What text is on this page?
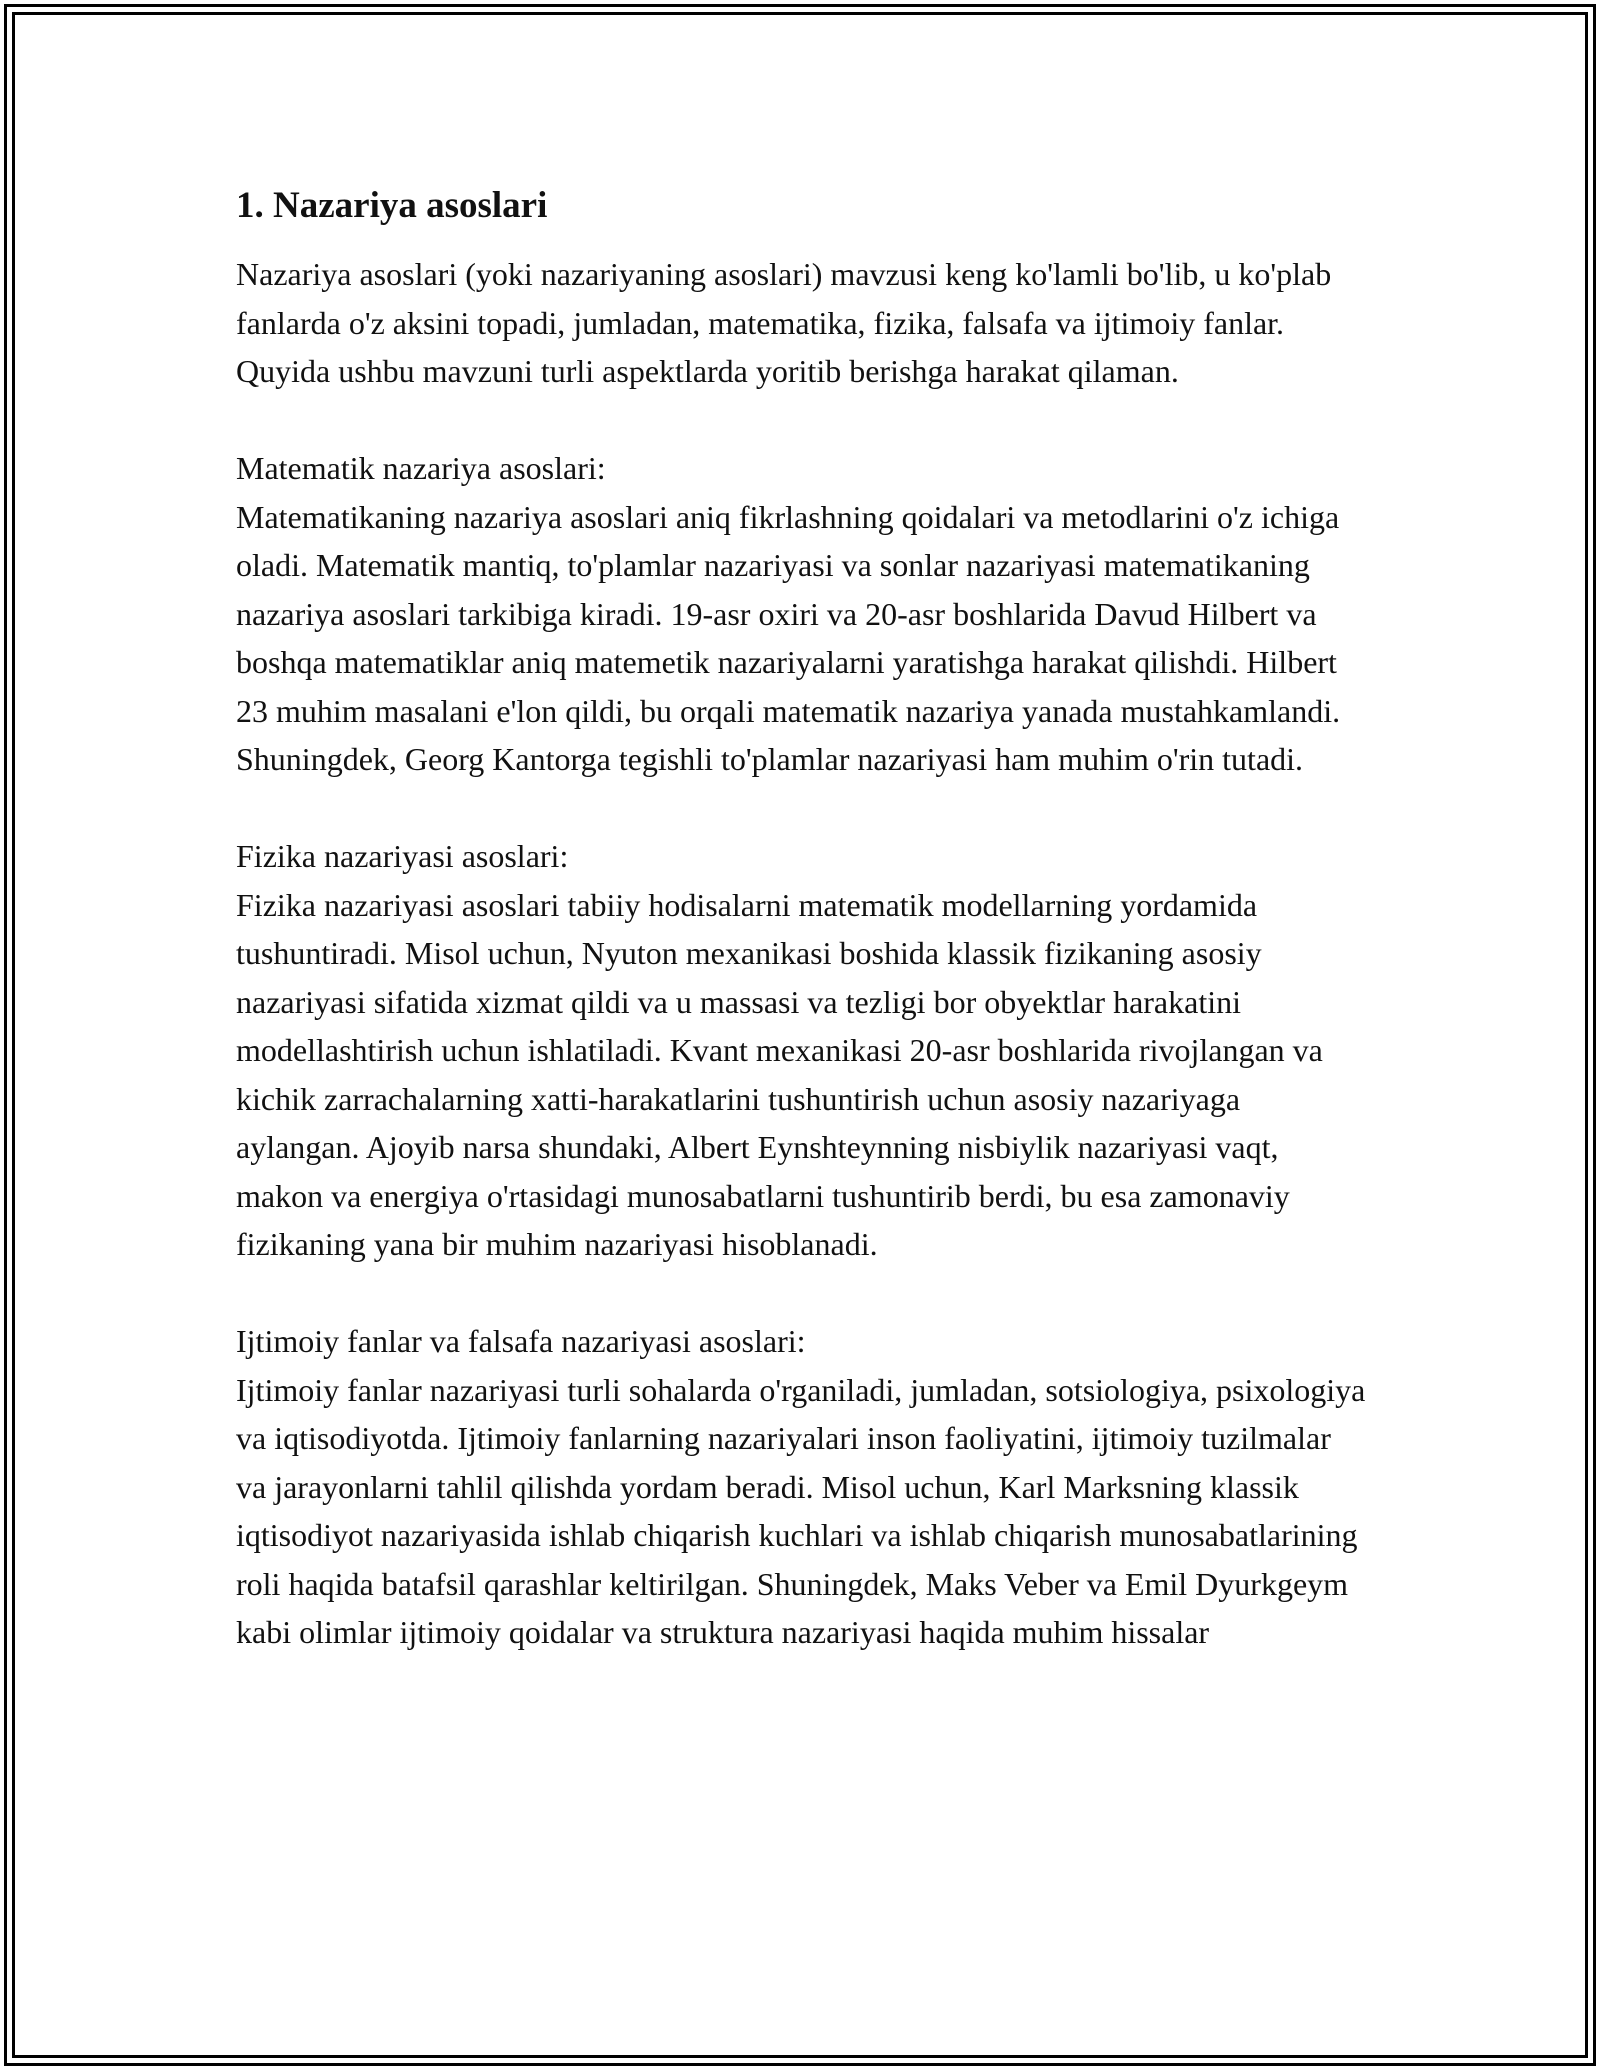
1. Nazariya asoslari

Nazariya asoslari (yoki nazariyaning asoslari) mavzusi keng ko'lamli bo'lib, u ko'plab fanlarda o'z aksini topadi, jumladan, matematika, fizika, falsafa va ijtimoiy fanlar. Quyida ushbu mavzuni turli aspektlarda yoritib berishga harakat qilaman.

Matematik nazariya asoslari:

Matematikaning nazariya asoslari aniq fikrlashning qoidalari va metodlarini o'z ichiga oladi. Matematik mantiq, to'plamlar nazariyasi va sonlar nazariyasi matematikaning nazariya asoslari tarkibiga kiradi. 19-asr oxiri va 20-asr boshlarida Davud Hilbert va boshqa matematiklar aniq matemetik nazariyalarni yaratishga harakat qilishdi. Hilbert 23 muhim masalani e'lon qildi, bu orqali matematik nazariya yanada mustahkamlandi. Shuningdek, Georg Kantorga tegishli to'plamlar nazariyasi ham muhim o'rin tutadi.

Fizika nazariyasi asoslari:

Fizika nazariyasi asoslari tabiiy hodisalarni matematik modellarning yordamida tushuntiradi. Misol uchun, Nyuton mexanikasi boshida klassik fizikaning asosiy nazariyasi sifatida xizmat qildi va u massasi va tezligi bor obyektlar harakatini modellashtirish uchun ishlatiladi. Kvant mexanikasi 20-asr boshlarida rivojlangan va kichik zarrachalarning xatti-harakatlarini tushuntirish uchun asosiy nazariyaga aylangan. Ajoyib narsa shundaki, Albert Eynshteynning nisbiylik nazariyasi vaqt, makon va energiya o'rtasidagi munosabatlarni tushuntirib berdi, bu esa zamonaviy fizikaning yana bir muhim nazariyasi hisoblanadi.

Ijtimoiy fanlar va falsafa nazariyasi asoslari:

Ijtimoiy fanlar nazariyasi turli sohalarda o'rganiladi, jumladan, sotsiologiya, psixologiya va iqtisodiyotda. Ijtimoiy fanlarning nazariyalari inson faoliyatini, ijtimoiy tuzilmalar va jarayonlarni tahlil qilishda yordam beradi. Misol uchun, Karl Marksning klassik iqtisodiyot nazariyasida ishlab chiqarish kuchlari va ishlab chiqarish munosabatlarining roli haqida batafsil qarashlar keltirilgan. Shuningdek, Maks Veber va Emil Dyurkgeym kabi olimlar ijtimoiy qoidalar va struktura nazariyasi haqida muhim hissalar
